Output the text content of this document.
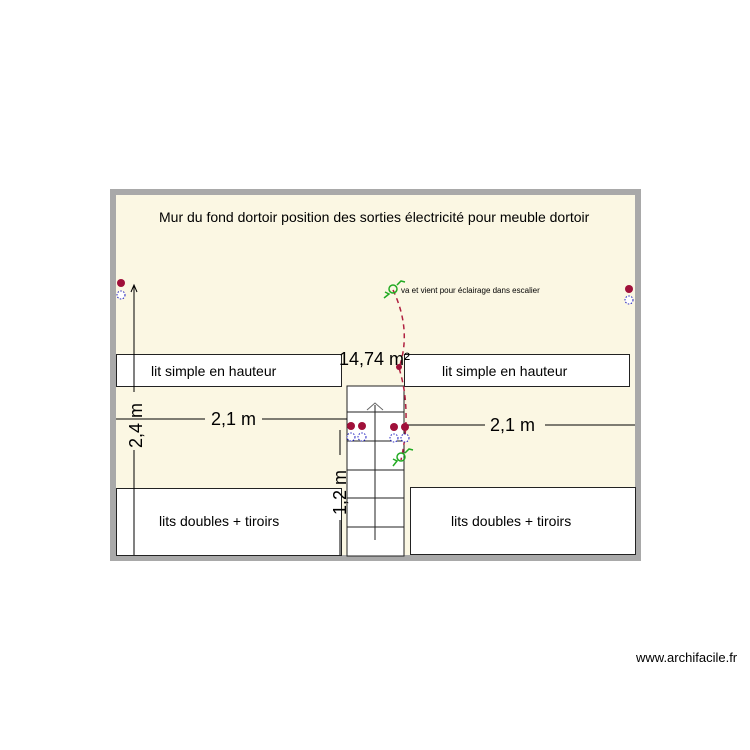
Mur du fond dortoir position des sorties électricité pour meuble dortoir
va et vient pour éclairage dans escalier
lit simple en hauteur	lit simple en hauteur
lits doubles + tiroirs	lits doubles + tiroirs
2,1 m	2,1 m
2,4 m
1,2 m
14,74 m²
www.archifacile.fr
